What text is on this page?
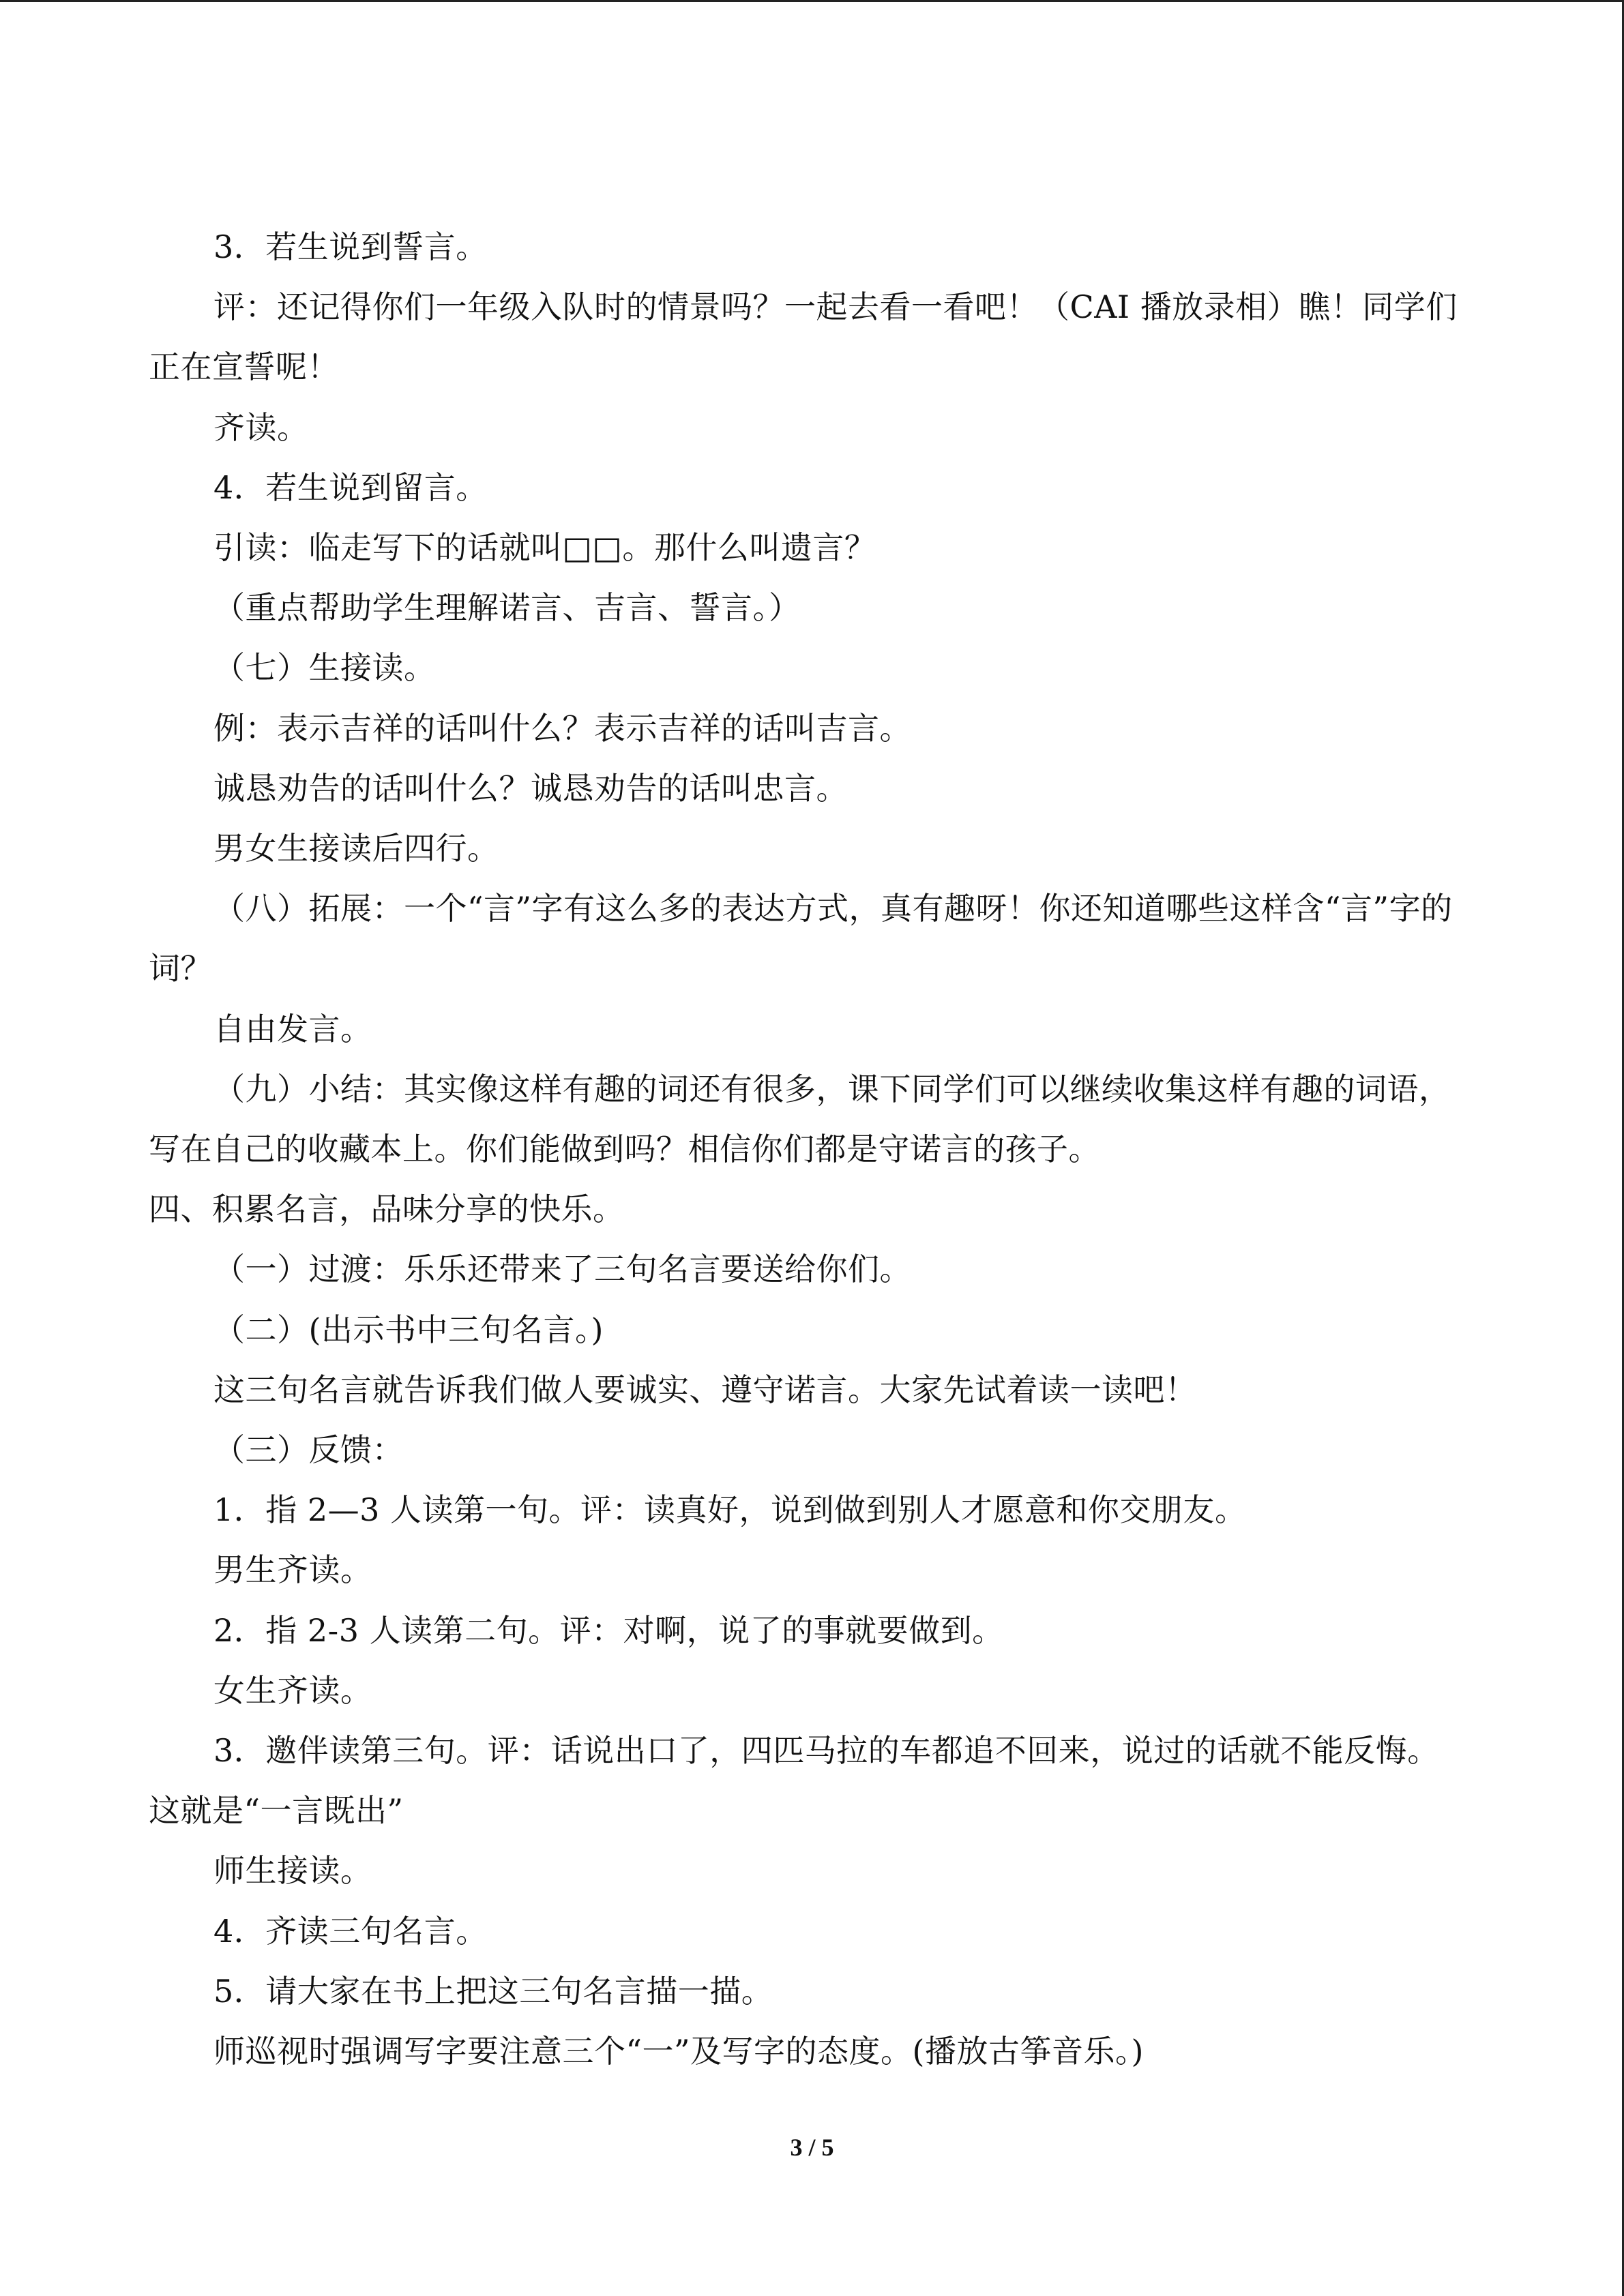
3．若生说到誓言。

评：还记得你们一年级入队时的情景吗？一起去看一看吧！（CAI 播放录相）瞧！同学们正在宣誓呢！

齐读。

4．若生说到留言。

引读：临走写下的话就叫□□。那什么叫遗言？

（重点帮助学生理解诺言、吉言、誓言。）

（七）生接读。

例：表示吉祥的话叫什么？表示吉祥的话叫吉言。

诚恳劝告的话叫什么？诚恳劝告的话叫忠言。

男女生接读后四行。

（八）拓展：一个“言”字有这么多的表达方式，真有趣呀！你还知道哪些这样含“言”字的词？

自由发言。

（九）小结：其实像这样有趣的词还有很多，课下同学们可以继续收集这样有趣的词语，写在自己的收藏本上。你们能做到吗？相信你们都是守诺言的孩子。

四、积累名言，品味分享的快乐。

（一）过渡：乐乐还带来了三句名言要送给你们。

（二）(出示书中三句名言。)

这三句名言就告诉我们做人要诚实、遵守诺言。大家先试着读一读吧！

（三）反馈：

1．指 2—3 人读第一句。评：读真好，说到做到别人才愿意和你交朋友。

男生齐读。

2．指 2-3 人读第二句。评：对啊，说了的事就要做到。

女生齐读。

3．邀伴读第三句。评：话说出口了，四匹马拉的车都追不回来，说过的话就不能反悔。这就是“一言既出”

师生接读。

4．齐读三句名言。

5．请大家在书上把这三句名言描一描。

师巡视时强调写字要注意三个“一”及写字的态度。(播放古筝音乐。)

3 / 5
